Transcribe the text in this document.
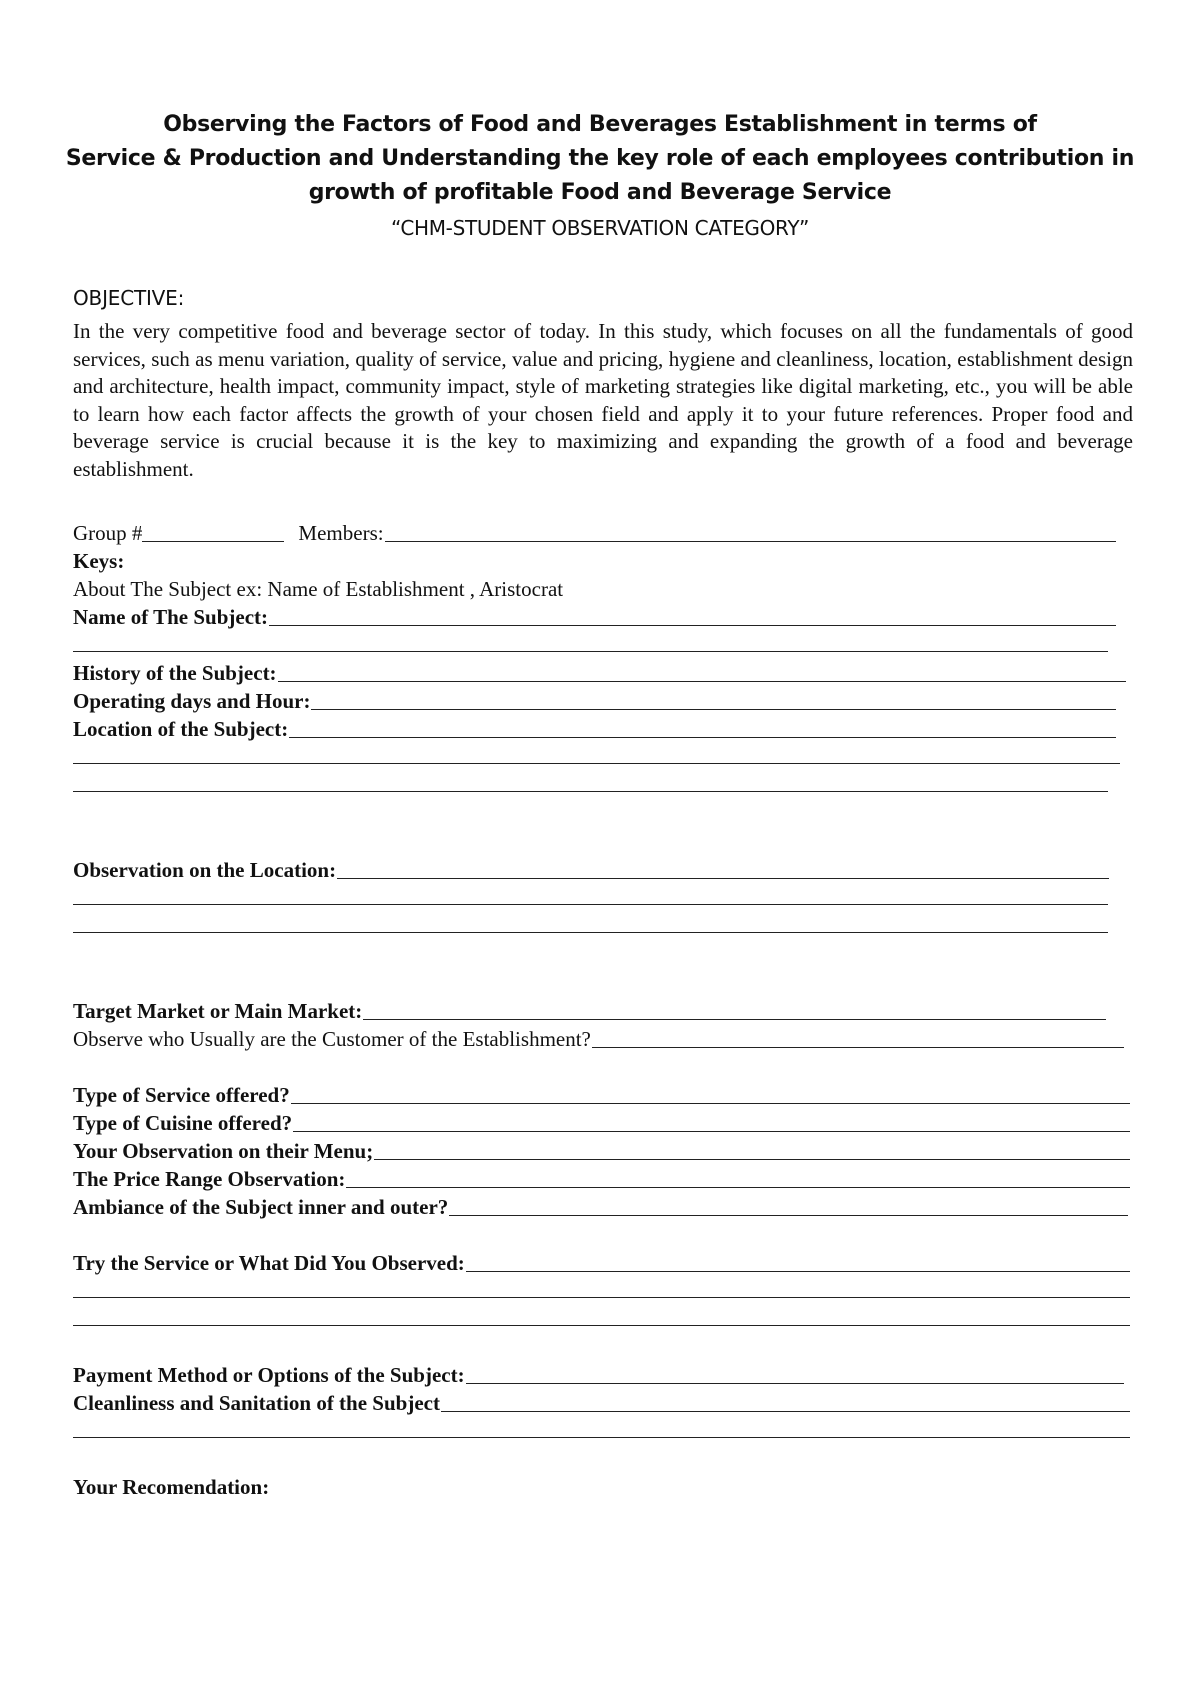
Observing the Factors of Food and Beverages Establishment in terms of
Service & Production and Understanding the key role of each employees contribution in
growth of profitable Food and Beverage Service
“CHM-STUDENT OBSERVATION CATEGORY”
OBJECTIVE:
In the very competitive food and beverage sector of today. In this study, which focuses on all the fundamentals of good services, such as menu variation, quality of service, value and pricing, hygiene and cleanliness, location, establishment design and architecture, health impact, community impact, style of marketing strategies like digital marketing, etc., you will be able to learn how each factor affects the growth of your chosen field and apply it to your future references. Proper food and beverage service is crucial because it is the key to maximizing and expanding the growth of a food and beverage establishment.
Group #	Members:
Keys:
About The Subject ex: Name of Establishment , Aristocrat
Name of The Subject:
History of the Subject:
Operating days and Hour:
Location of the Subject:
Observation on the Location:
Target Market or Main Market:
Observe who Usually are the Customer of the Establishment?
Type of Service offered?
Type of Cuisine offered?
Your Observation on their Menu;
The Price Range Observation:
Ambiance of the Subject inner and outer?
Try the Service or What Did You Observed:
Payment Method or Options of the Subject:
Cleanliness and Sanitation of the Subject
Your Recomendation:
